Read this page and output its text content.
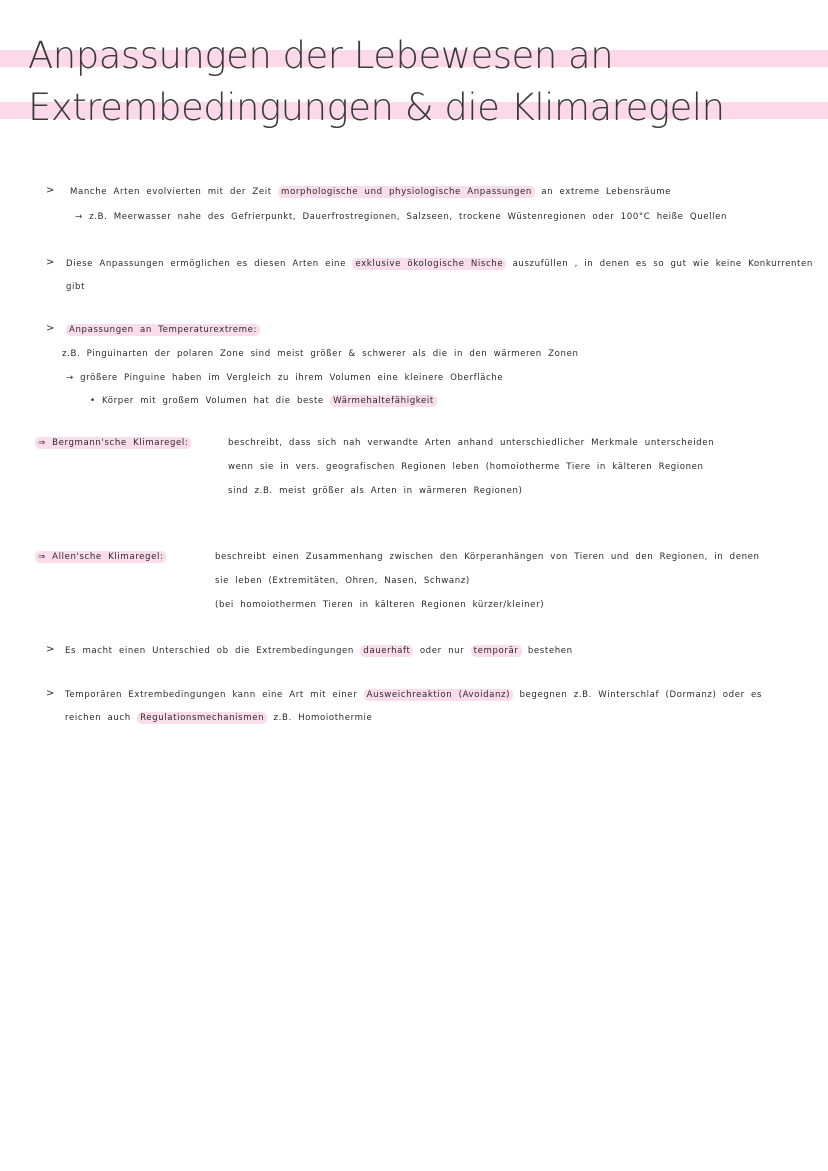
Anpassungen der Lebewesen an
Extrembedingungen & die Klimaregeln
> Manche Arten evolvierten mit der Zeit morphologische und physiologische Anpassungen an extreme Lebensräume
→ z.B. Meerwasser nahe des Gefrierpunkt, Dauerfrostregionen, Salzseen, trockene Wüstenregionen oder 100°C heiße Quellen
> Diese Anpassungen ermöglichen es diesen Arten eine exklusive ökologische Nische auszufüllen , in denen es so gut wie keine Konkurrenten
gibt
>	Anpassungen an Temperaturextreme:
z.B. Pinguinarten der polaren Zone sind meist größer & schwerer als die in den wärmeren Zonen
→ größere Pinguine haben im Vergleich zu ihrem Volumen eine kleinere Oberfläche
• Körper mit großem Volumen hat die beste Wärmehaltefähigkeit
⇒ Bergmann'sche Klimaregel:	beschreibt, dass sich nah verwandte Arten anhand unterschiedlicher Merkmale unterscheiden
wenn sie in vers. geografischen Regionen leben (homoiotherme Tiere in kälteren Regionen
sind z.B. meist größer als Arten in wärmeren Regionen)
⇒ Allen'sche Klimaregel:	beschreibt einen Zusammenhang zwischen den Körperanhängen von Tieren und den Regionen, in denen
sie leben (Extremitäten, Ohren, Nasen, Schwanz)
(bei homoiothermen Tieren in kälteren Regionen kürzer/kleiner)
> Es macht einen Unterschied ob die Extrembedingungen dauerhaft oder nur temporär bestehen
> Temporären Extrembedingungen kann eine Art mit einer Ausweichreaktion (Avoidanz) begegnen z.B. Winterschlaf (Dormanz) oder es
reichen auch Regulationsmechanismen z.B. Homoiothermie
